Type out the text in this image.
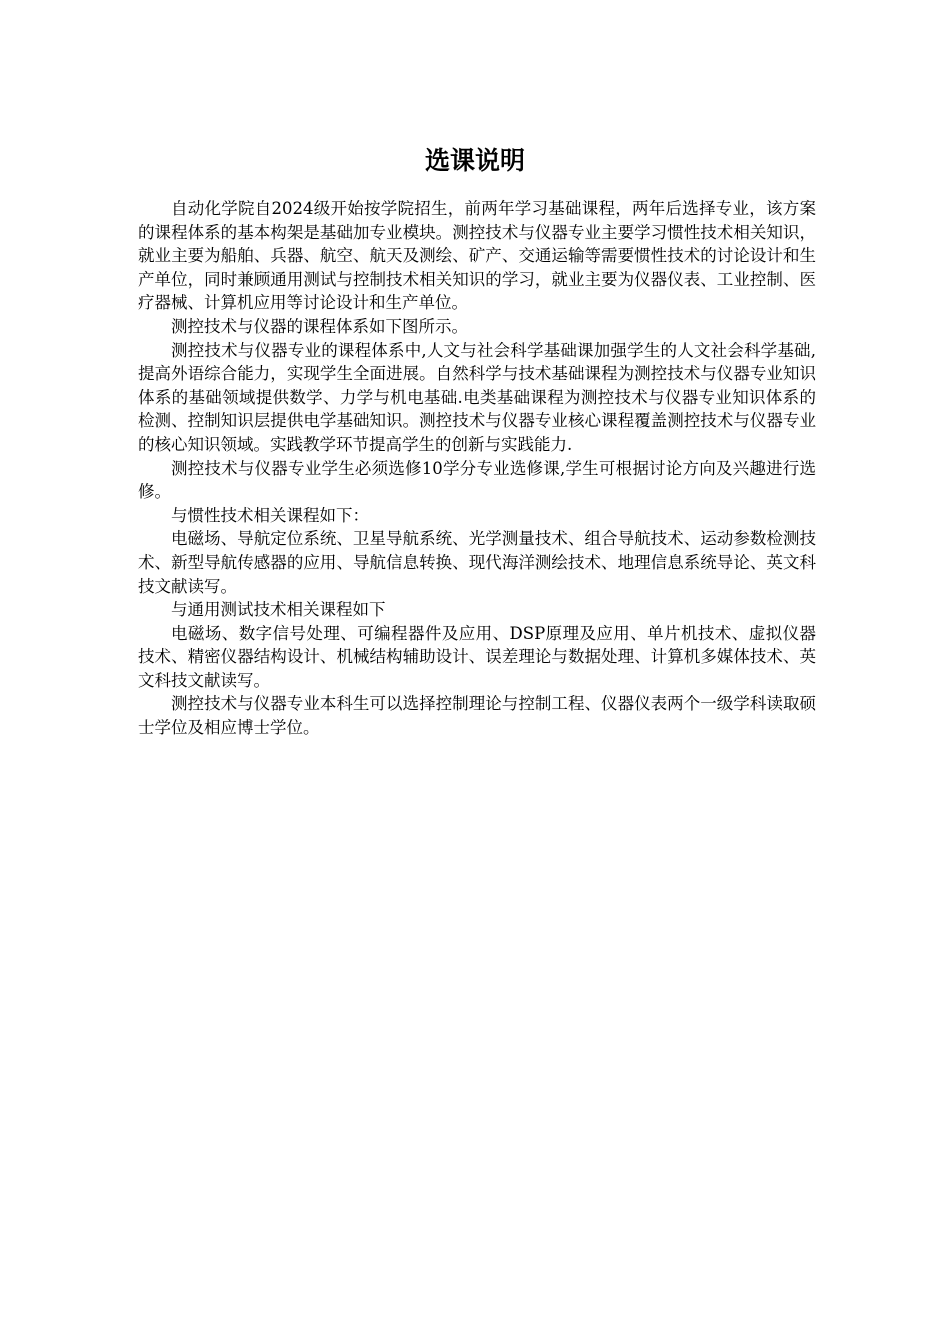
选课说明

自动化学院自2024级开始按学院招生，前两年学习基础课程，两年后选择专业，该方案的课程体系的基本构架是基础加专业模块。测控技术与仪器专业主要学习惯性技术相关知识，就业主要为船舶、兵器、航空、航天及测绘、矿产、交通运输等需要惯性技术的讨论设计和生产单位，同时兼顾通用测试与控制技术相关知识的学习，就业主要为仪器仪表、工业控制、医疗器械、计算机应用等讨论设计和生产单位。

测控技术与仪器的课程体系如下图所示。

测控技术与仪器专业的课程体系中,人文与社会科学基础课加强学生的人文社会科学基础,提高外语综合能力，实现学生全面进展。自然科学与技术基础课程为测控技术与仪器专业知识体系的基础领域提供数学、力学与机电基础.电类基础课程为测控技术与仪器专业知识体系的检测、控制知识层提供电学基础知识。测控技术与仪器专业核心课程覆盖测控技术与仪器专业的核心知识领域。实践教学环节提高学生的创新与实践能力.

测控技术与仪器专业学生必须选修10学分专业选修课,学生可根据讨论方向及兴趣进行选修。

与惯性技术相关课程如下：

电磁场、导航定位系统、卫星导航系统、光学测量技术、组合导航技术、运动参数检测技术、新型导航传感器的应用、导航信息转换、现代海洋测绘技术、地理信息系统导论、英文科技文献读写。

与通用测试技术相关课程如下

电磁场、数字信号处理、可编程器件及应用、DSP原理及应用、单片机技术、虚拟仪器技术、精密仪器结构设计、机械结构辅助设计、误差理论与数据处理、计算机多媒体技术、英文科技文献读写。

测控技术与仪器专业本科生可以选择控制理论与控制工程、仪器仪表两个一级学科读取硕士学位及相应博士学位。
